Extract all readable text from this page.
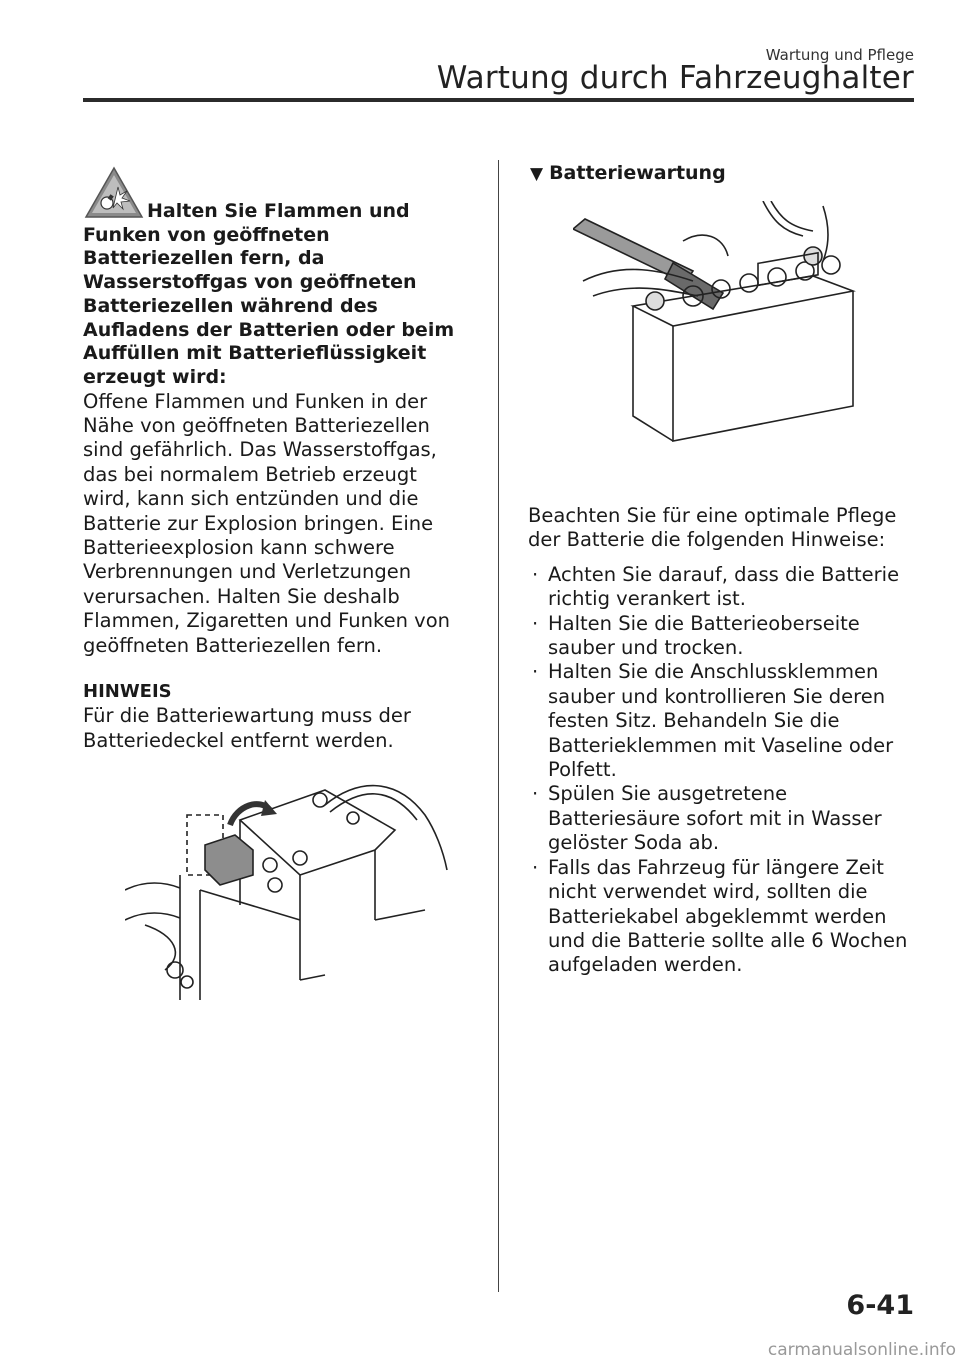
Wartung und Pflege
Wartung durch Fahrzeughalter
Halten Sie Flammen und Funken von geöffneten Batteriezellen fern, da Wasserstoffgas von geöffneten Batteriezellen während des Aufladens der Batterien oder beim Auffüllen mit Batterieflüssigkeit erzeugt wird:
Offene Flammen und Funken in der Nähe von geöffneten Batteriezellen sind gefährlich. Das Wasserstoffgas, das bei normalem Betrieb erzeugt wird, kann sich entzünden und die Batterie zur Explosion bringen. Eine Batterieexplosion kann schwere Verbrennungen und Verletzungen verursachen. Halten Sie deshalb Flammen, Zigaretten und Funken von geöffneten Batteriezellen fern.
HINWEIS
Für die Batteriewartung muss der Batteriedeckel entfernt werden.
▼ Batteriewartung
Beachten Sie für eine optimale Pflege der Batterie die folgenden Hinweise:
· Achten Sie darauf, dass die Batterie richtig verankert ist.
· Halten Sie die Batterieoberseite sauber und trocken.
· Halten Sie die Anschlussklemmen sauber und kontrollieren Sie deren festen Sitz. Behandeln Sie die Batterieklemmen mit Vaseline oder Polfett.
· Spülen Sie ausgetretene Batteriesäure sofort mit in Wasser gelöster Soda ab.
· Falls das Fahrzeug für längere Zeit nicht verwendet wird, sollten die Batteriekabel abgeklemmt werden und die Batterie sollte alle 6 Wochen aufgeladen werden.
6-41
carmanualsonline.info
